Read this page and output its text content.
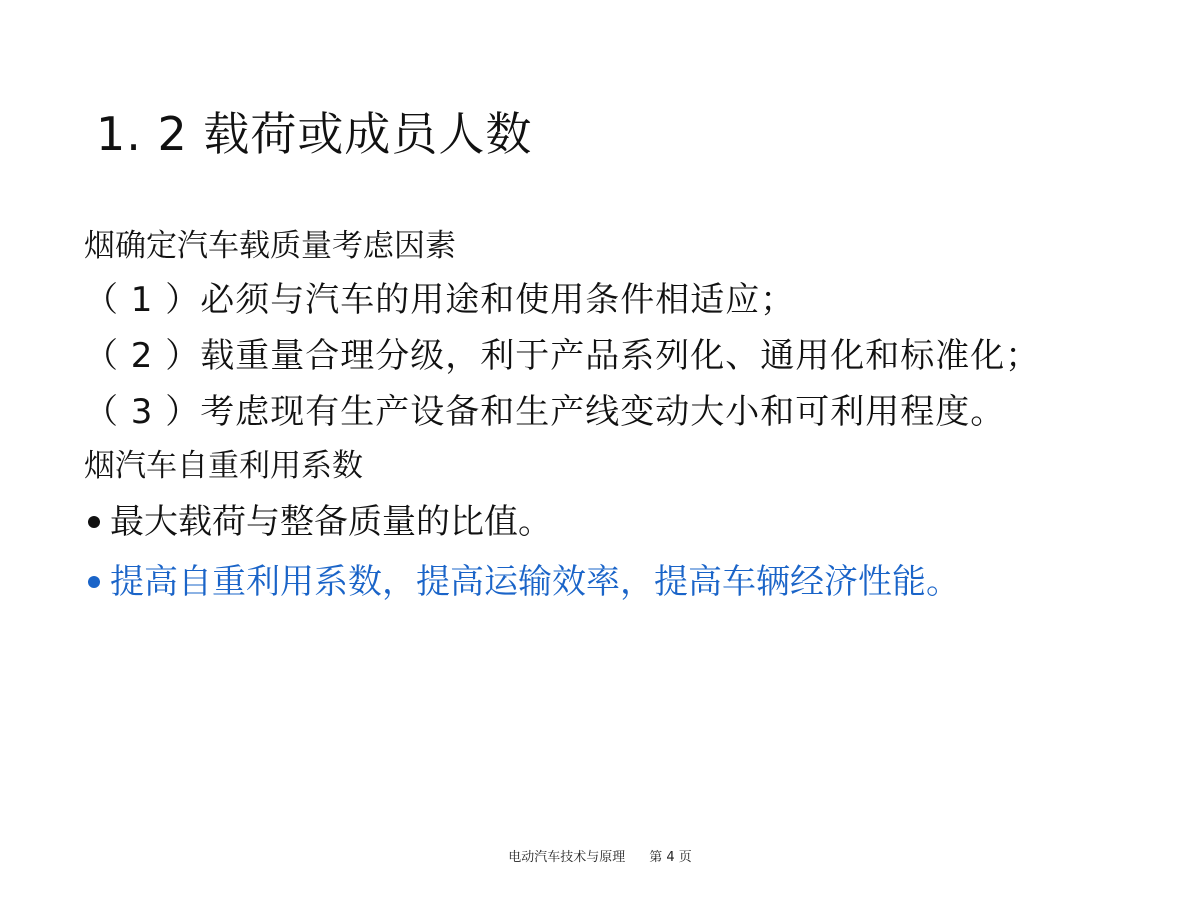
1. 2 载荷或成员人数

烟确定汽车载质量考虑因素

（ 1 ）必须与汽车的用途和使用条件相适应；

（ 2 ）载重量合理分级，利于产品系列化、通用化和标准化；

（ 3 ）考虑现有生产设备和生产线变动大小和可利用程度。

烟汽车自重利用系数

最大载荷与整备质量的比值。
提高自重利用系数，提高运输效率，提高车辆经济性能。
电动汽车技术与原理 第 4 页
